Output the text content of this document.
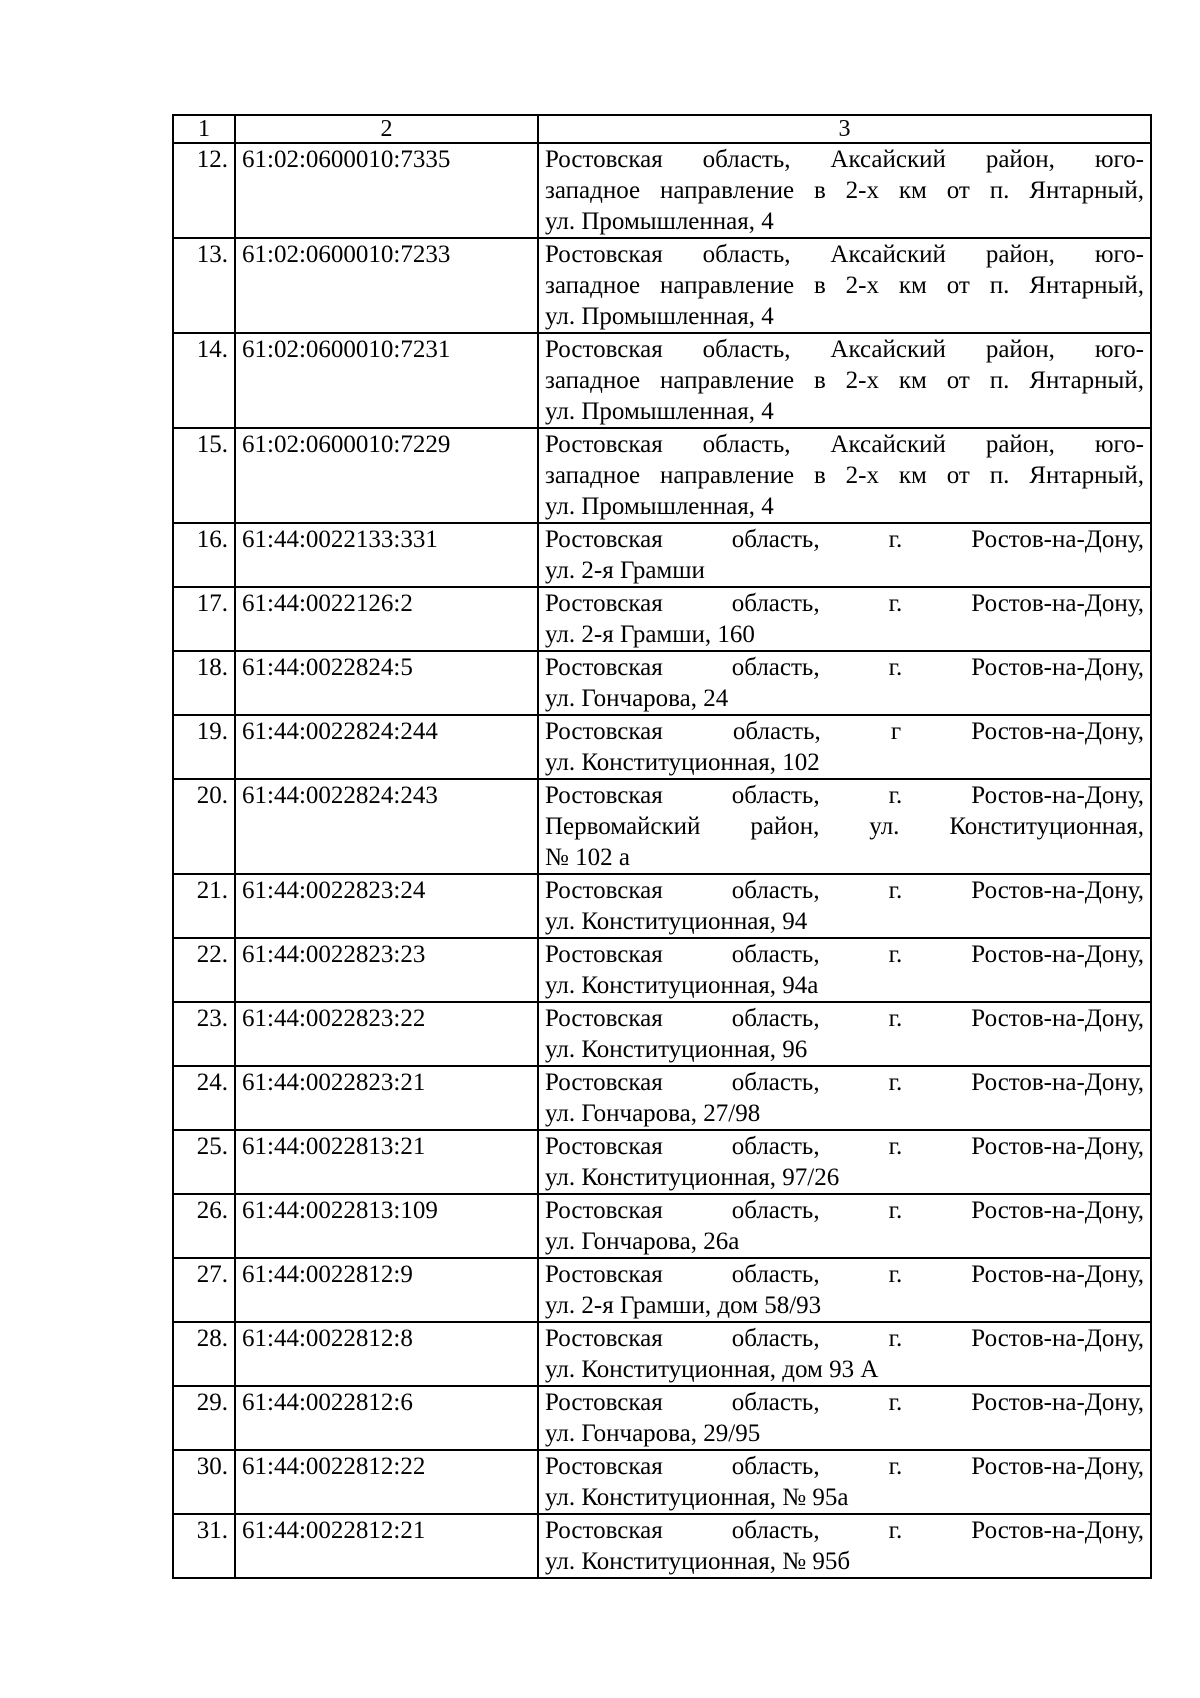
1	2	3
12.	61:02:0600010:7335	Ростовская область, Аксайский район, юго-
западное направление в 2-х км от п. Янтарный,
ул. Промышленная, 4

13.	61:02:0600010:7233	Ростовская область, Аксайский район, юго-
западное направление в 2-х км от п. Янтарный,
ул. Промышленная, 4

14.	61:02:0600010:7231	Ростовская область, Аксайский район, юго-
западное направление в 2-х км от п. Янтарный,
ул. Промышленная, 4

15.	61:02:0600010:7229	Ростовская область, Аксайский район, юго-
западное направление в 2-х км от п. Янтарный,
ул. Промышленная, 4

16.	61:44:0022133:331	Ростовская область, г. Ростов-на-Дону,
ул. 2-я Грамши

17.	61:44:0022126:2	Ростовская область, г. Ростов-на-Дону,
ул. 2-я Грамши, 160

18.	61:44:0022824:5	Ростовская область, г. Ростов-на-Дону,
ул. Гончарова, 24

19.	61:44:0022824:244	Ростовская область, г Ростов-на-Дону,
ул. Конституционная, 102

20.	61:44:0022824:243	Ростовская область, г. Ростов-на-Дону,
Первомайский район, ул. Конституционная,
№ 102 а

21.	61:44:0022823:24	Ростовская область, г. Ростов-на-Дону,
ул. Конституционная, 94

22.	61:44:0022823:23	Ростовская область, г. Ростов-на-Дону,
ул. Конституционная, 94а

23.	61:44:0022823:22	Ростовская область, г. Ростов-на-Дону,
ул. Конституционная, 96

24.	61:44:0022823:21	Ростовская область, г. Ростов-на-Дону,
ул. Гончарова, 27/98

25.	61:44:0022813:21	Ростовская область, г. Ростов-на-Дону,
ул. Конституционная, 97/26

26.	61:44:0022813:109	Ростовская область, г. Ростов-на-Дону,
ул. Гончарова, 26а

27.	61:44:0022812:9	Ростовская область, г. Ростов-на-Дону,
ул. 2-я Грамши, дом 58/93

28.	61:44:0022812:8	Ростовская область, г. Ростов-на-Дону,
ул. Конституционная, дом 93 А

29.	61:44:0022812:6	Ростовская область, г. Ростов-на-Дону,
ул. Гончарова, 29/95

30.	61:44:0022812:22	Ростовская область, г. Ростов-на-Дону,
ул. Конституционная, № 95а

31.	61:44:0022812:21	Ростовская область, г. Ростов-на-Дону,
ул. Конституционная, № 95б
